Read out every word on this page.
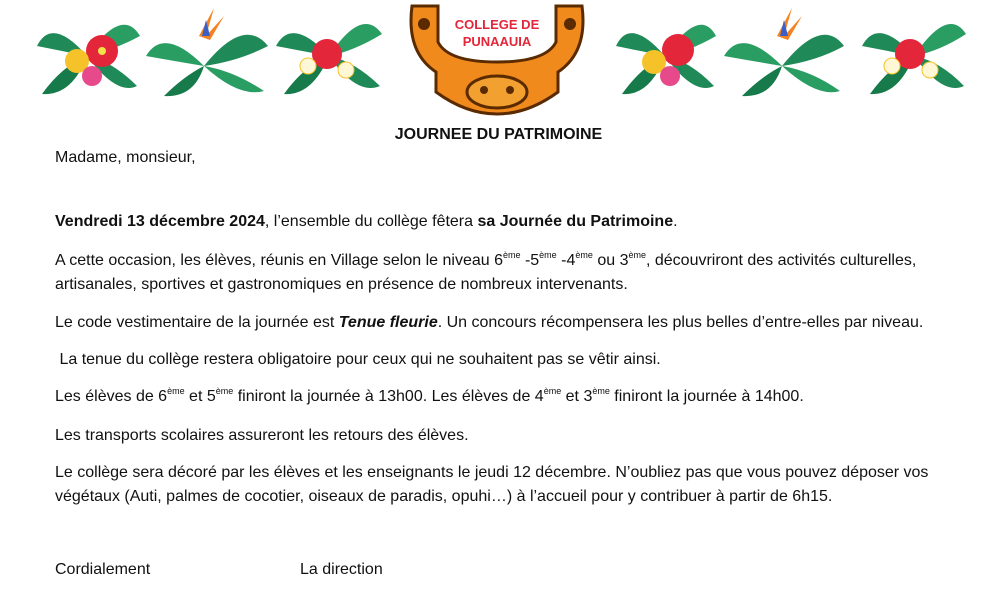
COLLEGE DE
PUNAAUIA
JOURNEE DU PATRIMOINE
Madame, monsieur,
Vendredi 13 décembre 2024, l’ensemble du collège fêtera sa Journée du Patrimoine.
A cette occasion, les élèves, réunis en Village selon le niveau 6ème -5ème -4ème ou 3ème, découvriront des activités culturelles,
artisanales, sportives et gastronomiques en présence de nombreux intervenants.
Le code vestimentaire de la journée est Tenue fleurie. Un concours récompensera les plus belles d’entre-elles par niveau.
La tenue du collège restera obligatoire pour ceux qui ne souhaitent pas se vêtir ainsi.
Les élèves de 6ème et 5ème finiront la journée à 13h00. Les élèves de 4ème et 3ème finiront la journée à 14h00.
Les transports scolaires assureront les retours des élèves.
Le collège sera décoré par les élèves et les enseignants le jeudi 12 décembre. N’oubliez pas que vous pouvez déposer vos
végétaux (Auti, palmes de cocotier, oiseaux de paradis, opuhi…) à l’accueil pour y contribuer à partir de 6h15.
Cordialement	La direction
